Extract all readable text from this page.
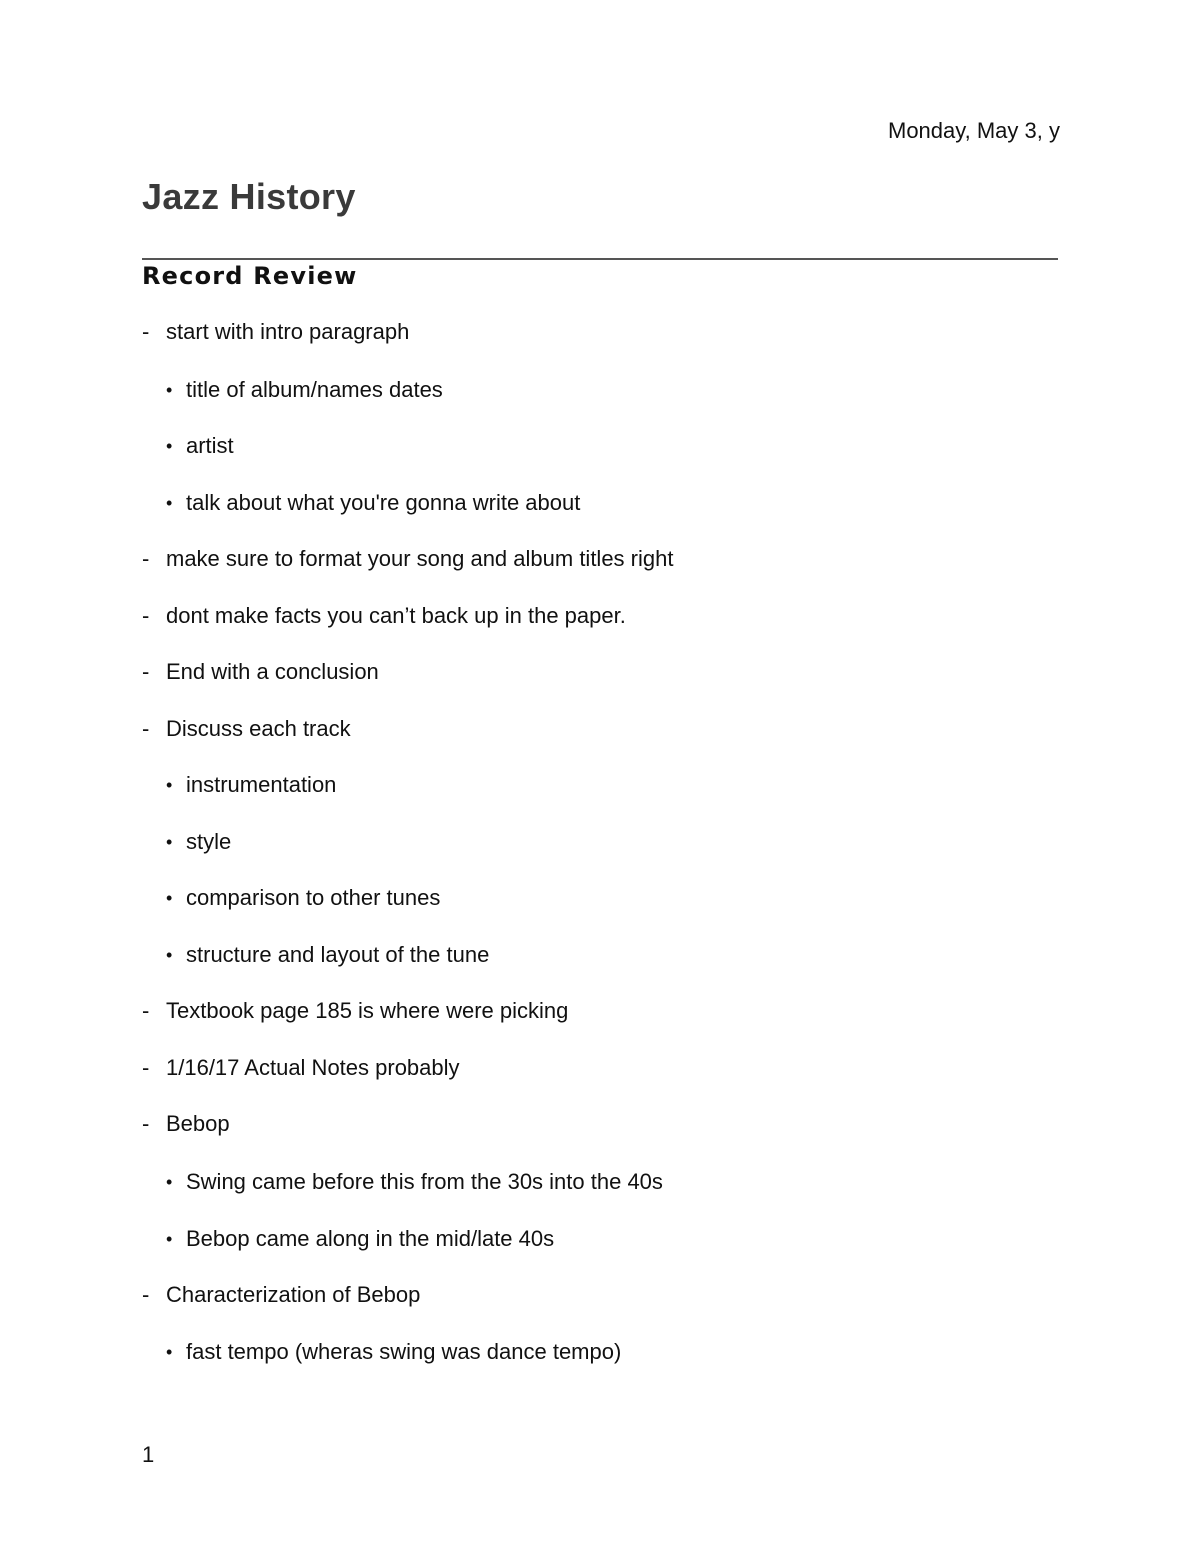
Monday, May 3, y
Jazz History
Record Review
- start with intro paragraph
• title of album/names dates
• artist
• talk about what you're gonna write about
- make sure to format your song and album titles right
- dont make facts you can’t back up in the paper.
- End with a conclusion
- Discuss each track
• instrumentation
• style
• comparison to other tunes
• structure and layout of the tune
- Textbook page 185 is where were picking
- 1/16/17 Actual Notes probably
- Bebop
• Swing came before this from the 30s into the 40s
• Bebop came along in the mid/late 40s
- Characterization of Bebop
• fast tempo (wheras swing was dance tempo)
1
